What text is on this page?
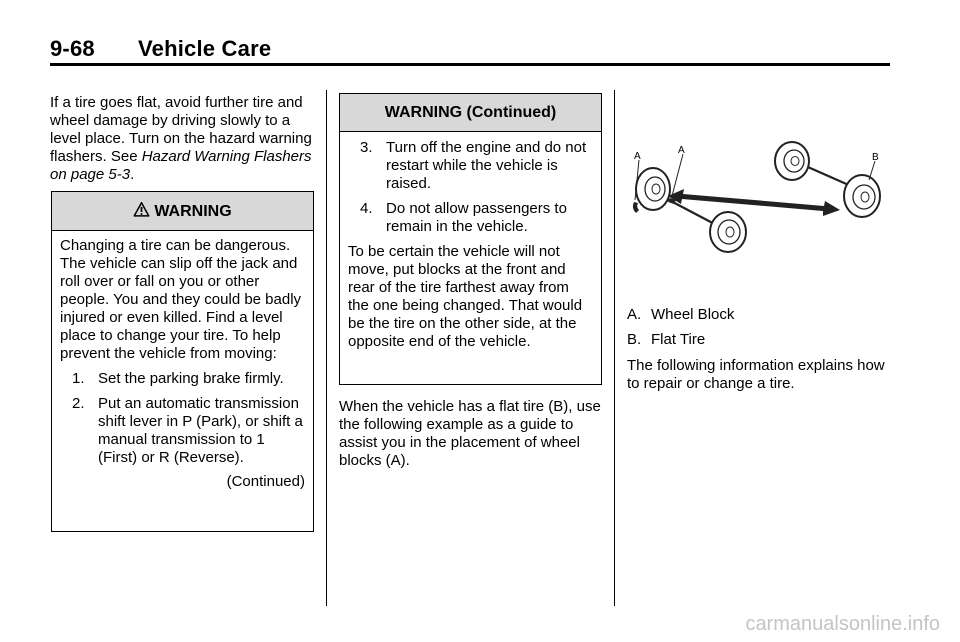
9-68 Vehicle Care

If a tire goes flat, avoid further tire and wheel damage by driving slowly to a level place. Turn on the hazard warning flashers. See Hazard Warning Flashers on page 5-3.

WARNING

Changing a tire can be dangerous. The vehicle can slip off the jack and roll over or fall on you or other people. You and they could be badly injured or even killed. Find a level place to change your tire. To help prevent the vehicle from moving:

1. Set the parking brake firmly.
2. Put an automatic transmission shift lever in P (Park), or shift a manual transmission to 1 (First) or R (Reverse).
(Continued)
WARNING (Continued)
3. Turn off the engine and do not restart while the vehicle is raised.
4. Do not allow passengers to remain in the vehicle.

To be certain the vehicle will not move, put blocks at the front and rear of the tire farthest away from the one being changed. That would be the tire on the other side, at the opposite end of the vehicle.

When the vehicle has a flat tire (B), use the following example as a guide to assist you in the placement of wheel blocks (A).

A
A
B
A. Wheel Block
B. Flat Tire

The following information explains how to repair or change a tire.

carmanualsonline.info
